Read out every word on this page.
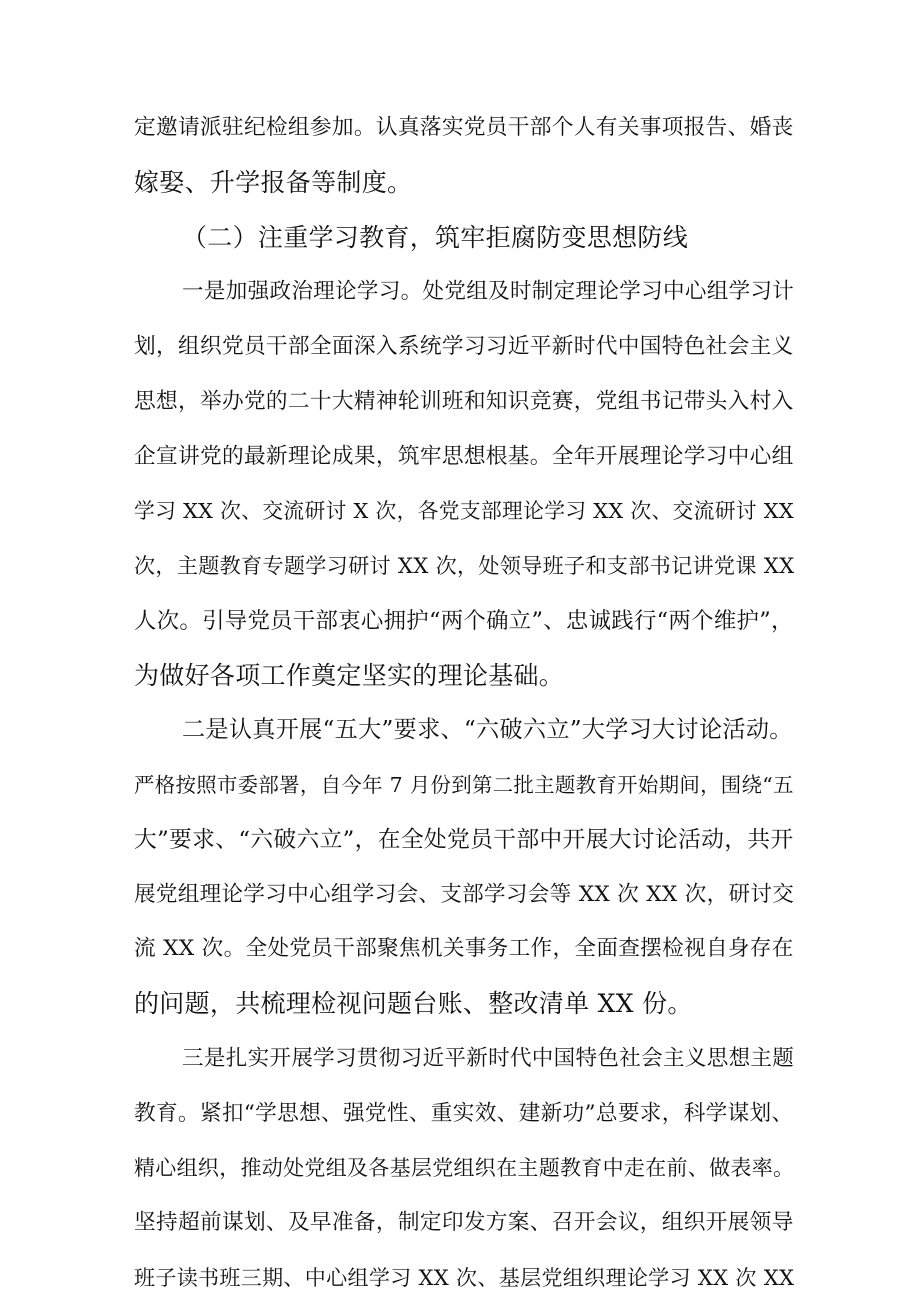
定邀请派驻纪检组参加。认真落实党员干部个人有关事项报告、婚丧
嫁娶、升学报备等制度。
（二）注重学习教育，筑牢拒腐防变思想防线
一是加强政治理论学习。处党组及时制定理论学习中心组学习计
划，组织党员干部全面深入系统学习习近平新时代中国特色社会主义
思想，举办党的二十大精神轮训班和知识竞赛，党组书记带头入村入
企宣讲党的最新理论成果，筑牢思想根基。全年开展理论学习中心组
学习 XX 次、交流研讨 X 次，各党支部理论学习 XX 次、交流研讨 XX
次，主题教育专题学习研讨 XX 次，处领导班子和支部书记讲党课 XX
人次。引导党员干部衷心拥护“两个确立”、忠诚践行“两个维护”，
为做好各项工作奠定坚实的理论基础。
二是认真开展“五大”要求、“六破六立”大学习大讨论活动。
严格按照市委部署，自今年 7 月份到第二批主题教育开始期间，围绕“五
大”要求、“六破六立”，在全处党员干部中开展大讨论活动，共开
展党组理论学习中心组学习会、支部学习会等 XX 次 XX 次，研讨交
流 XX 次。全处党员干部聚焦机关事务工作，全面查摆检视自身存在
的问题，共梳理检视问题台账、整改清单 XX 份。
三是扎实开展学习贯彻习近平新时代中国特色社会主义思想主题
教育。紧扣“学思想、强党性、重实效、建新功”总要求，科学谋划、
精心组织，推动处党组及各基层党组织在主题教育中走在前、做表率。
坚持超前谋划、及早准备，制定印发方案、召开会议，组织开展领导
班子读书班三期、中心组学习 XX 次、基层党组织理论学习 XX 次 XX
